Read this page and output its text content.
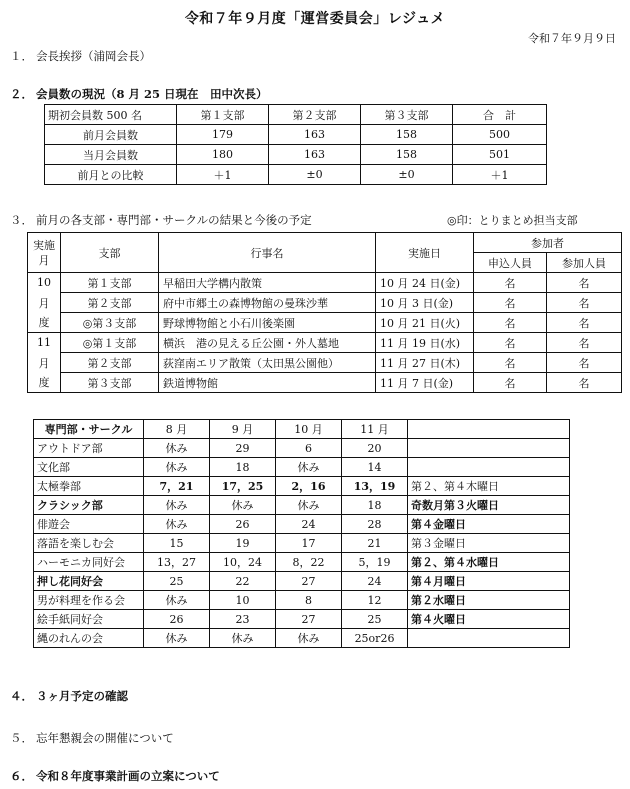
令和７年９月度「運営委員会」レジュメ
令和７年９月９日
１． 会長挨拶（浦岡会長）
２． 会員数の現況（8 月 25 日現在　田中次長）
期初会員数 500 名	第１支部	第２支部	第３支部	合　計
前月会員数	179	163	158	500
当月会員数	180	163	158	501
前月との比較	＋1	±0	±0	＋1
３． 前月の各支部・専門部・サークルの結果と今後の予定	◎印：とりまとめ担当支部
実施
月	支部	行事名	実施日	参加者	
				申込人員	参加人員
10	第１支部	早稲田大学構内散策	10 月 24 日(金)	名	名
月	第２支部	府中市郷土の森博物館の曼珠沙華	10 月 3 日(金)	名	名
度	◎第３支部	野球博物館と小石川後楽園	10 月 21 日(火)	名	名
11	◎第１支部	横浜　港の見える丘公園・外人墓地	11 月 19 日(水)	名	名
月	第２支部	荻窪南エリア散策（太田黒公園他）	11 月 27 日(木)	名	名
度	第３支部	鉄道博物館	11 月 7 日(金)	名	名
専門部・サークル	8 月	9 月	10 月	11 月	
アウトドア部	休み	29	6	20	
文化部	休み	18	休み	14	
太極拳部	7，21	17，25	2，16	13，19	第２、第４木曜日
クラシック部	休み	休み	休み	18	奇数月第３火曜日
俳遊会	休み	26	24	28	第４金曜日
落語を楽しむ会	15	19	17	21	第３金曜日
ハーモニカ同好会	13，27	10，24	8，22	5，19	第２、第４水曜日
押し花同好会	25	22	27	24	第４月曜日
男が料理を作る会	休み	10	8	12	第２水曜日
絵手紙同好会	26	23	27	25	第４火曜日
縄のれんの会	休み	休み	休み	25or26	
４． ３ヶ月予定の確認
５． 忘年懇親会の開催について
６． 令和８年度事業計画の立案について
